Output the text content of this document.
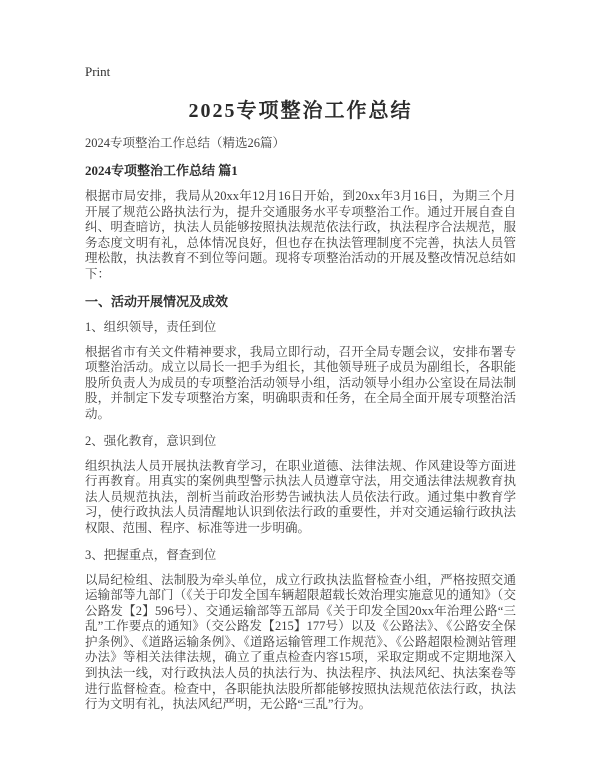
Print
2025专项整治工作总结
2024专项整治工作总结（精选26篇）
2024专项整治工作总结 篇1

根据市局安排，我局从20xx年12月16日开始，到20xx年3月16日，为期三个月开展了规范公路执法行为，提升交通服务水平专项整治工作。通过开展自查自纠、明查暗访，执法人员能够按照执法规范依法行政，执法程序合法规范，服务态度文明有礼，总体情况良好，但也存在执法管理制度不完善，执法人员管理松散，执法教育不到位等问题。现将专项整治活动的开展及整改情况总结如下：

一、活动开展情况及成效
1、组织领导，责任到位

根据省市有关文件精神要求，我局立即行动，召开全局专题会议，安排布署专项整治活动。成立以局长一把手为组长，其他领导班子成员为副组长，各职能股所负责人为成员的专项整治活动领导小组，活动领导小组办公室设在局法制股，并制定下发专项整治方案，明确职责和任务，在全局全面开展专项整治活动。

2、强化教育，意识到位

组织执法人员开展执法教育学习，在职业道德、法律法规、作风建设等方面进行再教育。用真实的案例典型警示执法人员遵章守法，用交通法律法规教育执法人员规范执法，剖析当前政治形势告诫执法人员依法行政。通过集中教育学习，使行政执法人员清醒地认识到依法行政的重要性，并对交通运输行政执法权限、范围、程序、标准等进一步明确。

3、把握重点，督查到位

以局纪检组、法制股为牵头单位，成立行政执法监督检查小组，严格按照交通运输部等九部门（《关于印发全国车辆超限超载长效治理实施意见的通知》（交公路发【2】596号）、交通运输部等五部局《关于印发全国20xx年治理公路“三乱”工作要点的通知》（交公路发【215】177号）以及《公路法》、《公路安全保护条例》、《道路运输条例》、《道路运输管理工作规范》、《公路超限检测站管理办法》等相关法律法规，确立了重点检查内容15项，采取定期或不定期地深入到执法一线，对行政执法人员的执法行为、执法程序、执法风纪、执法案卷等进行监督检查。检查中，各职能执法股所都能够按照执法规范依法行政，执法行为文明有礼，执法风纪严明，无公路“三乱”行为。
